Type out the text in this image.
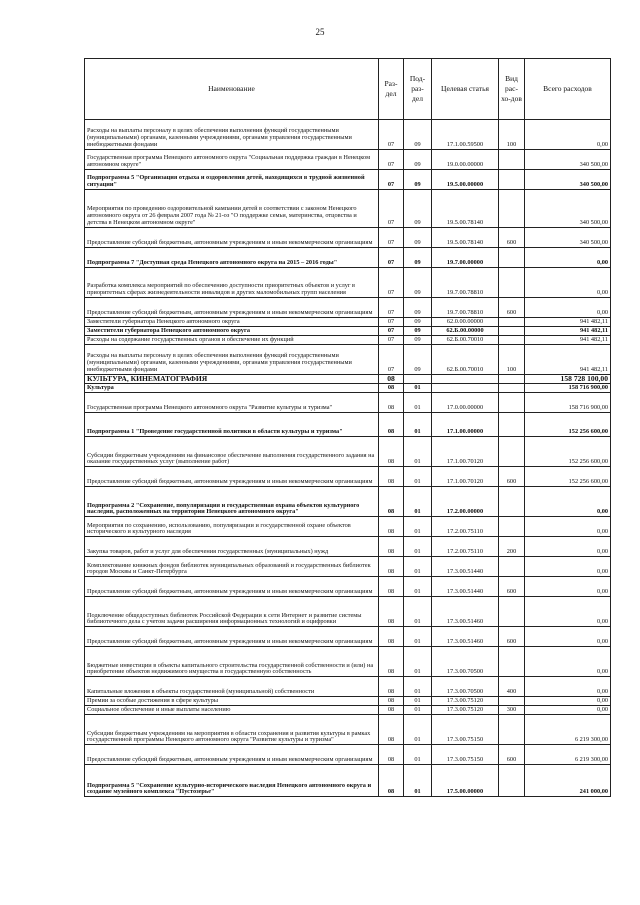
25
Наименование	Раз-дел	Под-раз-дел	Целевая статья	Вид рас-хо-дов	Всего расходов
Расходы на выплаты персоналу в целях обеспечения выполнения функций государственными (муниципальными) органами, казенными учреждениями, органами управления государственными внебюджетными фондами	07	09	17.1.00.59500	100	0,00
Государственная программа Ненецкого автономного округа "Социальная поддержка граждан в Ненецком автономном округе"	07	09	19.0.00.00000		340 500,00
Подпрограмма 5 "Организация отдыха и оздоровления детей, находящихся в трудной жизненной ситуации"	07	09	19.5.00.00000		340 500,00
Мероприятия по проведению оздоровительной кампании детей в соответствии с законом Ненецкого автономного округа от 26 февраля 2007 года № 21-оз "О поддержке семьи, материнства, отцовства и детства в Ненецком автономном округе"	07	09	19.5.00.78140		340 500,00
Предоставление субсидий бюджетным, автономным учреждениям и иным некоммерческим организациям	07	09	19.5.00.78140	600	340 500,00
Подпрограмма 7 "Доступная среда Ненецкого автономного округа на 2015 – 2016 годы"	07	09	19.7.00.00000		0,00
Разработка комплекса мероприятий по обеспечению доступности приоритетных объектов и услуг в приоритетных сферах жизнедеятельности инвалидов и других маломобильных групп населения	07	09	19.7.00.78810		0,00
Предоставление субсидий бюджетным, автономным учреждениям и иным некоммерческим организациям	07	09	19.7.00.78810	600	0,00
Заместители губернатора Ненецкого автономного округа	07	09	62.0.00.00000		941 482,11
Заместители губернатора Ненецкого автономного округа	07	09	62.Б.00.00000		941 482,11
Расходы на содержание государственных органов и обеспечение их функций	07	09	62.Б.00.70010		941 482,11
Расходы на выплаты персоналу в целях обеспечения выполнения функций государственными (муниципальными) органами, казенными учреждениями, органами управления государственными внебюджетными фондами	07	09	62.Б.00.70010	100	941 482,11
КУЛЬТУРА, КИНЕМАТОГРАФИЯ	08				158 728 100,00
Культура	08	01			158 716 900,00
Государственная программа Ненецкого автономного округа "Развитие культуры и туризма"	08	01	17.0.00.00000		158 716 900,00
Подпрограмма 1 "Проведение государственной политики в области культуры и туризма"	08	01	17.1.00.00000		152 256 600,00
Субсидии бюджетным учреждениям на финансовое обеспечение выполнения государственного задания на оказание государственных услуг (выполнение работ)	08	01	17.1.00.70120		152 256 600,00
Предоставление субсидий бюджетным, автономным учреждениям и иным некоммерческим организациям	08	01	17.1.00.70120	600	152 256 600,00
Подпрограмма 2 "Сохранение, популяризация и государственная охрана объектов культурного наследия, расположенных на территории Ненецкого автономного округа"	08	01	17.2.00.00000		0,00
Мероприятия по сохранению, использованию, популяризации и государственной охране объектов исторического и культурного наследия	08	01	17.2.00.75110		0,00
Закупка товаров, работ и услуг для обеспечения государственных (муниципальных) нужд	08	01	17.2.00.75110	200	0,00
Комплектование книжных фондов библиотек муниципальных образований и государственных библиотек городов Москвы и Санкт-Петербурга	08	01	17.3.00.51440		0,00
Предоставление субсидий бюджетным, автономным учреждениям и иным некоммерческим организациям	08	01	17.3.00.51440	600	0,00
Подключение общедоступных библиотек Российской Федерации к сети Интернет и развитие системы библиотечного дела с учетом задачи расширения информационных технологий и оцифровки	08	01	17.3.00.51460		0,00
Предоставление субсидий бюджетным, автономным учреждениям и иным некоммерческим организациям	08	01	17.3.00.51460	600	0,00
Бюджетные инвестиции в объекты капитального строительства государственной собственности и (или) на приобретение объектов недвижимого имущества в государственную собственность	08	01	17.3.00.70500		0,00
Капитальные вложения в объекты государственной (муниципальной) собственности	08	01	17.3.00.70500	400	0,00
Премии за особые достижения в сфере культуры	08	01	17.3.00.75120		0,00
Социальное обеспечение и иные выплаты населению	08	01	17.3.00.75120	300	0,00
Субсидии бюджетным учреждениям на мероприятия в области сохранения и развития культуры в рамках государственной программы Ненецкого автономного округа "Развитие культуры и туризма"	08	01	17.3.00.75150		6 219 300,00
Предоставление субсидий бюджетным, автономным учреждениям и иным некоммерческим организациям	08	01	17.3.00.75150	600	6 219 300,00
Подпрограмма 5 "Сохранение культурно-исторического наследия Ненецкого автономного округа и создание музейного комплекса "Пустозерье"	08	01	17.5.00.00000		241 000,00
